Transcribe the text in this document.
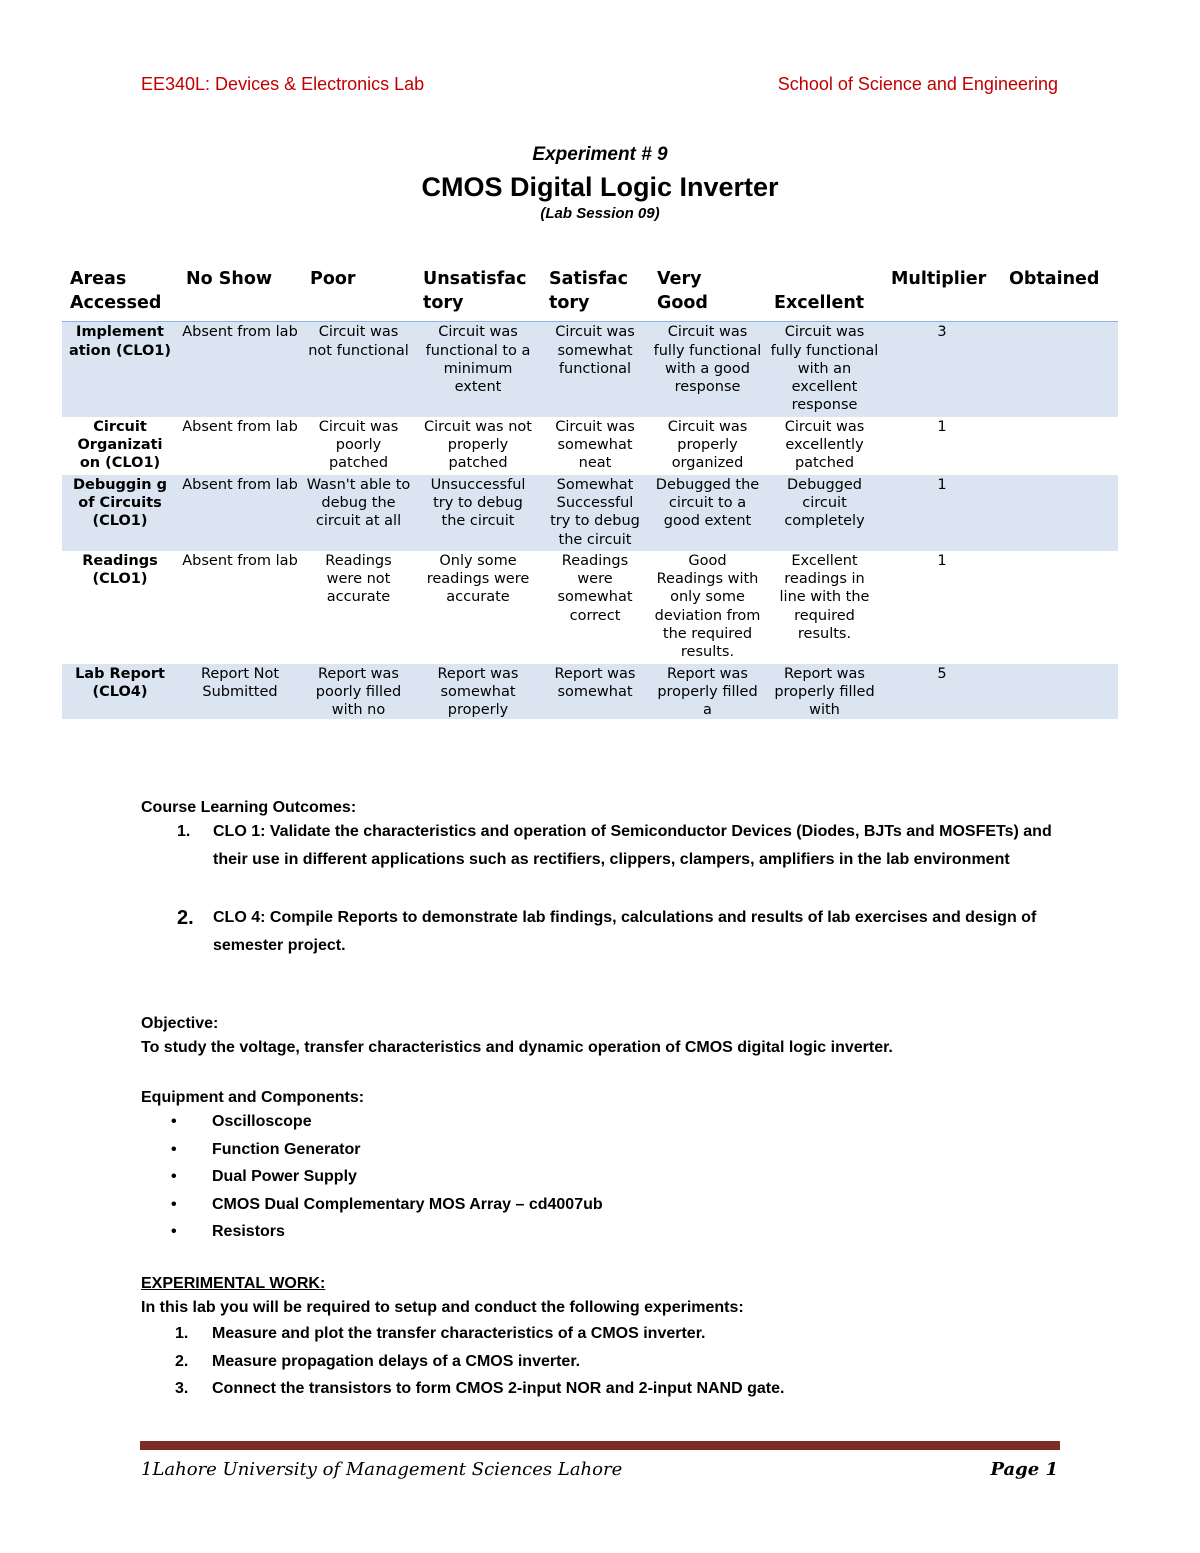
EE340L: Devices & Electronics Lab	School of Science and Engineering
Experiment # 9
CMOS Digital Logic Inverter
(Lab Session 09)
Areas Accessed	No Show	Poor	Unsatisfac tory	Satisfac tory	Very Good	Excellent	Multiplier	Obtained
Implement ation (CLO1)	Absent from lab	Circuit was not functional	Circuit was functional to a minimum extent	Circuit was somewhat functional	Circuit was fully functional with a good response	Circuit was fully functional with an excellent response	3	
Circuit Organizati on (CLO1)	Absent from lab	Circuit was poorly patched	Circuit was not properly patched	Circuit was somewhat neat	Circuit was properly organized	Circuit was excellently patched	1	
Debuggin g of Circuits (CLO1)	Absent from lab	Wasn't able to debug the circuit at all	Unsuccessful try to debug the circuit	Somewhat Successful try to debug the circuit	Debugged the circuit to a good extent	Debugged circuit completely	1	
Readings (CLO1)	Absent from lab	Readings were not accurate	Only some readings were accurate	Readings were somewhat correct	Good Readings with only some deviation from the required results.	Excellent readings in line with the required results.	1	

Lab Report (CLO4)	Report Not Submitted	Report was poorly filled with no	Report was somewhat properly	Report was somewhat	Report was properly filled a	Report was properly filled with	5	

Course Learning Outcomes:
1. CLO 1: Validate the characteristics and operation of Semiconductor Devices (Diodes, BJTs and MOSFETs) and their use in different applications such as rectifiers, clippers, clampers, amplifiers in the lab environment
2. CLO 4: Compile Reports to demonstrate lab findings, calculations and results of lab exercises and design of semester project.
Objective:
To study the voltage, transfer characteristics and dynamic operation of CMOS digital logic inverter.
Equipment and Components:
• Oscilloscope
• Function Generator
• Dual Power Supply
• CMOS Dual Complementary MOS Array – cd4007ub
• Resistors
EXPERIMENTAL WORK:
In this lab you will be required to setup and conduct the following experiments:
1. Measure and plot the transfer characteristics of a CMOS inverter.
2. Measure propagation delays of a CMOS inverter.
3. Connect the transistors to form CMOS 2-input NOR and 2-input NAND gate.
1Lahore University of Management Sciences Lahore	Page 1
